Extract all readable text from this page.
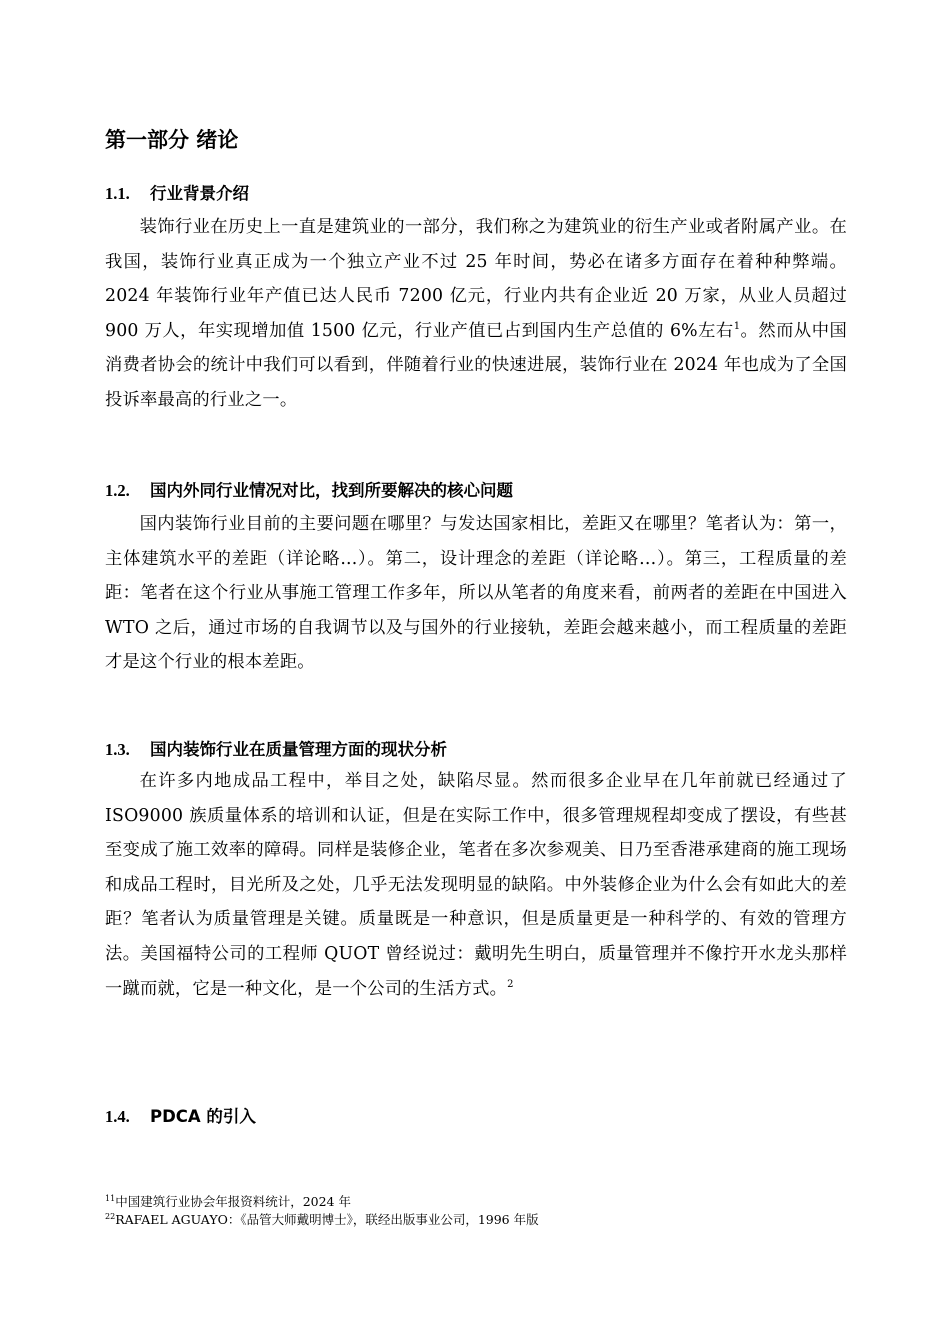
第一部分 绪论
1.1. 行业背景介绍

装饰行业在历史上一直是建筑业的一部分，我们称之为建筑业的衍生产业或者附属产业。在我国，装饰行业真正成为一个独立产业不过 25 年时间，势必在诸多方面存在着种种弊端。2024 年装饰行业年产值已达人民币 7200 亿元，行业内共有企业近 20 万家，从业人员超过 900 万人，年实现增加值 1500 亿元，行业产值已占到国内生产总值的 6%左右$^1$。然而从中国消费者协会的统计中我们可以看到，伴随着行业的快速进展，装饰行业在 2024 年也成为了全国投诉率最高的行业之一。

1.2. 国内外同行业情况对比，找到所要解决的核心问题

国内装饰行业目前的主要问题在哪里？与发达国家相比，差距又在哪里？笔者认为：第一，主体建筑水平的差距（详论略...）。第二，设计理念的差距（详论略…）。第三，工程质量的差距：笔者在这个行业从事施工管理工作多年，所以从笔者的角度来看，前两者的差距在中国进入 WTO 之后，通过市场的自我调节以及与国外的行业接轨，差距会越来越小，而工程质量的差距才是这个行业的根本差距。

1.3. 国内装饰行业在质量管理方面的现状分析

在许多内地成品工程中，举目之处，缺陷尽显。然而很多企业早在几年前就已经通过了 ISO9000 族质量体系的培训和认证，但是在实际工作中，很多管理规程却变成了摆设，有些甚至变成了施工效率的障碍。同样是装修企业，笔者在多次参观美、日乃至香港承建商的施工现场和成品工程时，目光所及之处，几乎无法发现明显的缺陷。中外装修企业为什么会有如此大的差距？笔者认为质量管理是关键。质量既是一种意识，但是质量更是一种科学的、有效的管理方法。美国福特公司的工程师 QUOT 曾经说过：戴明先生明白，质量管理并不像拧开水龙头那样一蹴而就，它是一种文化，是一个公司的生活方式。$^2$

1.4. PDCA 的引入
$^{11}$中国建筑行业协会年报资料统计，2024 年
$^{22}$RAFAEL AGUAYO：《品管大师戴明博士》，联经出版事业公司，1996 年版
